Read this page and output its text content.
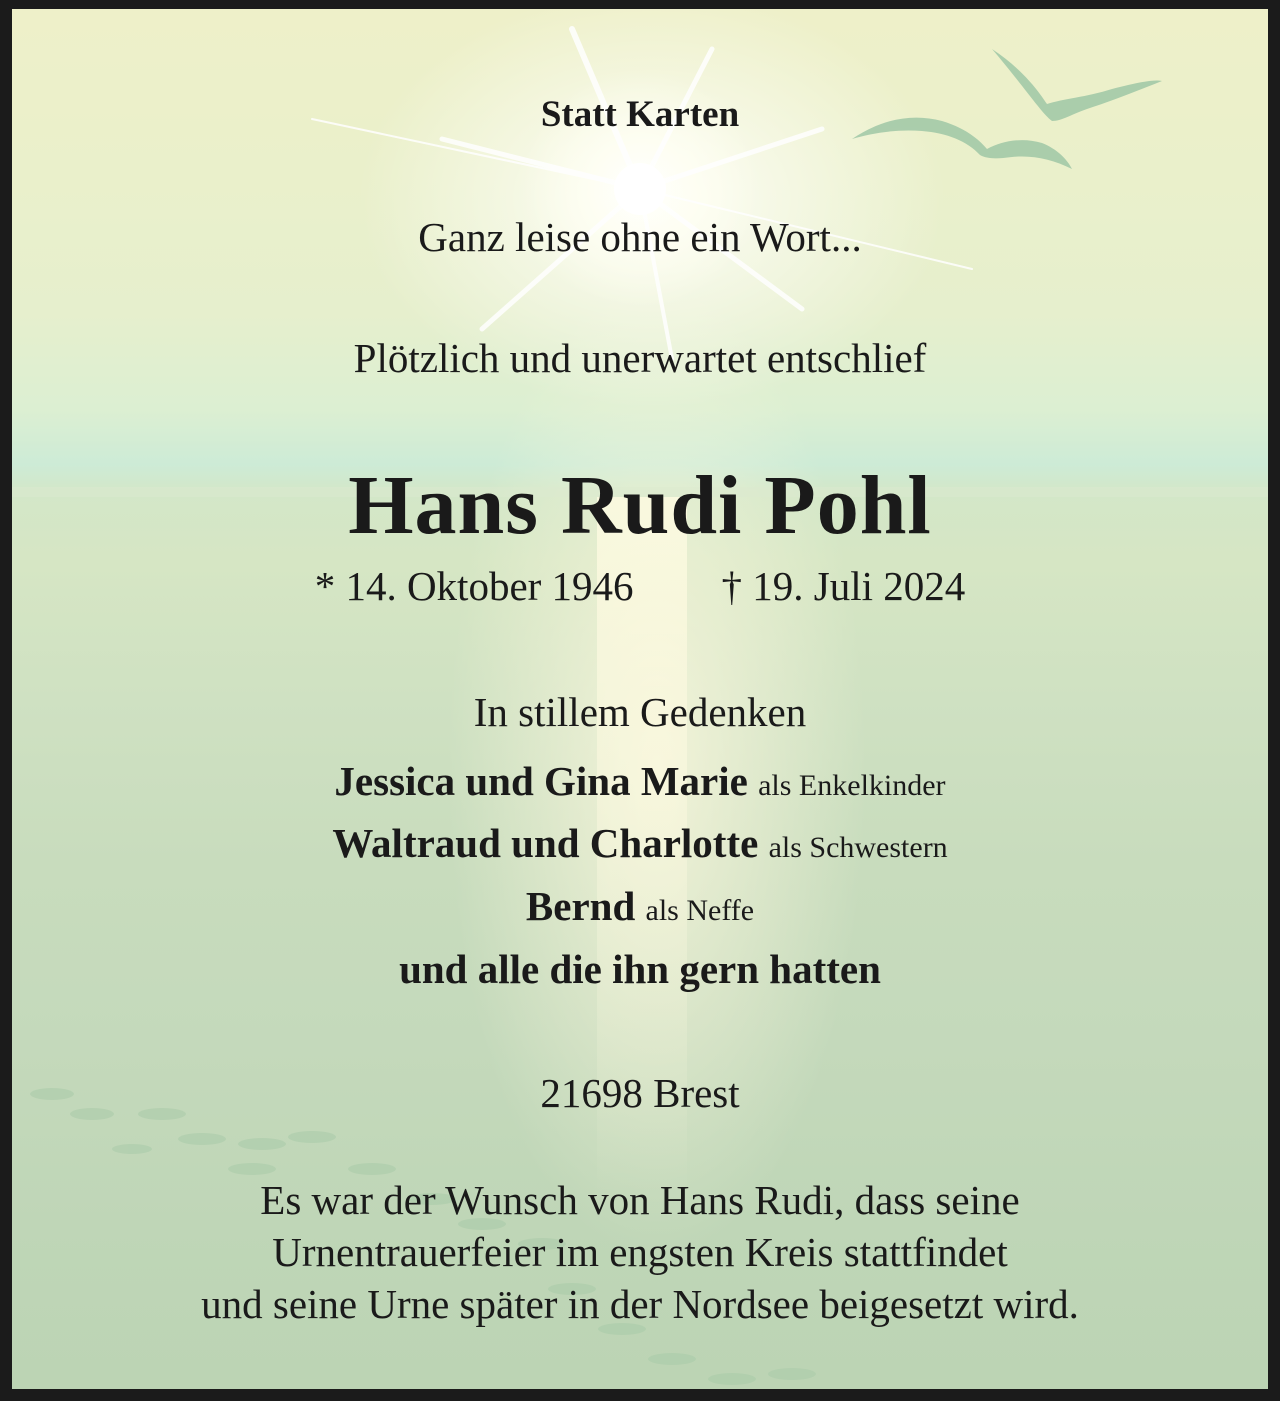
Statt Karten
Ganz leise ohne ein Wort...
Plötzlich und unerwartet entschlief
Hans Rudi Pohl
* 14. Oktober 1946 † 19. Juli 2024
In stillem Gedenken
Jessica und Gina Marie als Enkelkinder
Waltraud und Charlotte als Schwestern
Bernd als Neffe
und alle die ihn gern hatten
21698 Brest
Es war der Wunsch von Hans Rudi, dass seine
Urnentrauerfeier im engsten Kreis stattfindet
und seine Urne später in der Nordsee beigesetzt wird.
